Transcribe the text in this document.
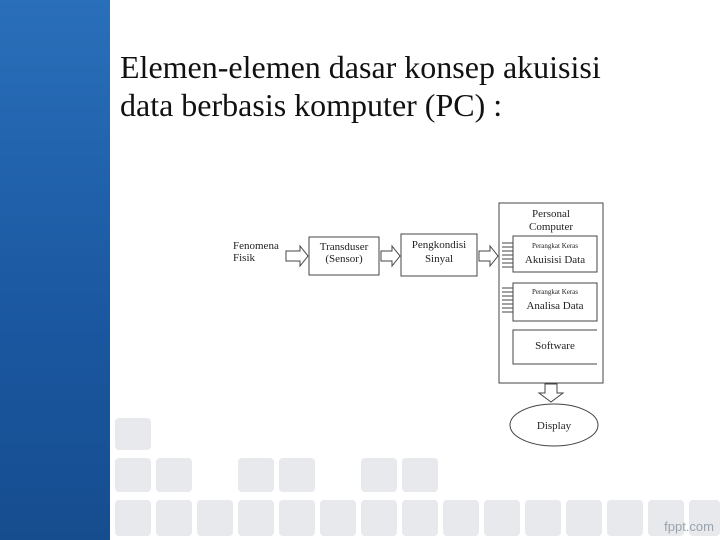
Elemen-elemen dasar konsep akuisisi
data berbasis komputer (PC) :
Fenomena
Fisik
Transduser
(Sensor)
Pengkondisi
Sinyal
Personal
Computer
Perangkat Keras
Akuisisi Data
Perangkat Keras
Analisa Data
Software
Display
fppt.com
